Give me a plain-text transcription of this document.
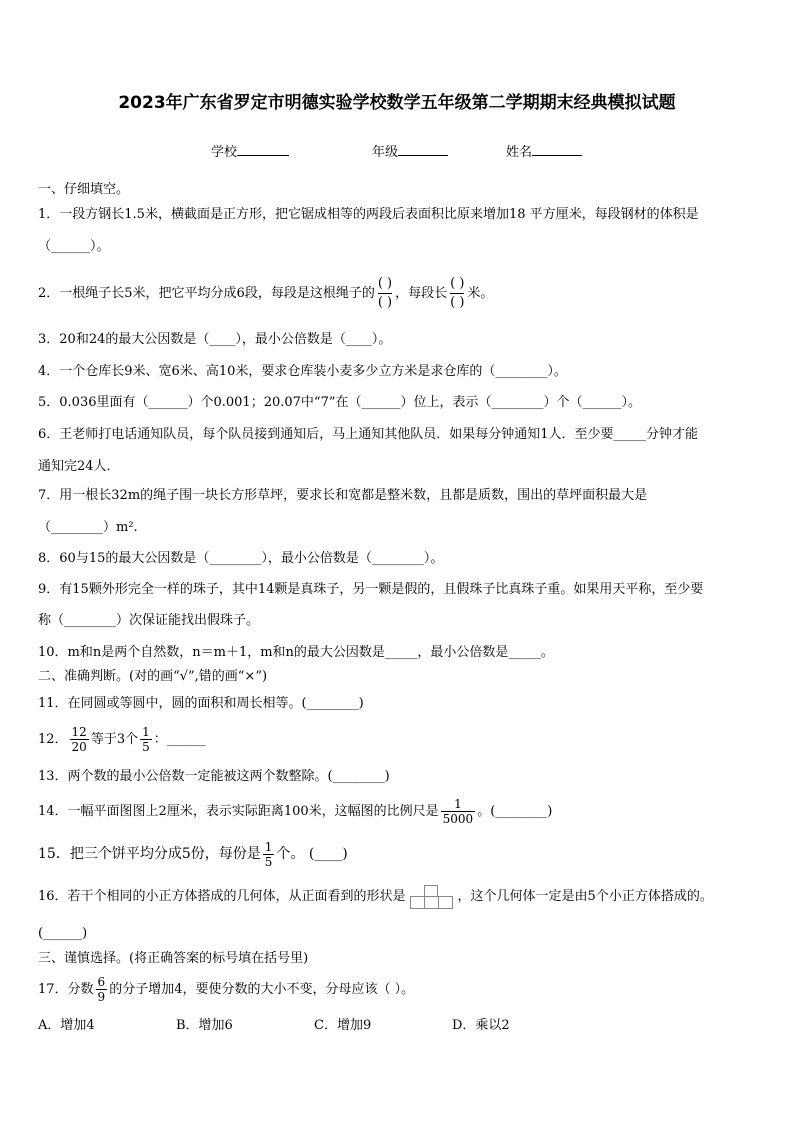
2023年广东省罗定市明德实验学校数学五年级第二学期期末经典模拟试题
学校	年级	姓名
一、仔细填空。
1．一段方钢长1.5米，横截面是正方形，把它锯成相等的两段后表面积比原来增加18 平方厘米，每段钢材的体积是
（______）。
2．一根绳子长5米，把它平均分成6段，每段是这根绳子的
( )
( )
，每段长
( )
( )
米。
3．20和24的最大公因数是（____），最小公倍数是（____）。
4．一个仓库长9米、宽6米、高10米，要求仓库装小麦多少立方米是求仓库的（________）。
5．0.036里面有（______）个0.001；20.07中“7”在（______）位上，表示（________）个（______）。
6．王老师打电话通知队员，每个队员接到通知后，马上通知其他队员．如果每分钟通知1人．至少要_____分钟才能
通知完24人．
7．用一根长32m的绳子围一块长方形草坪，要求长和宽都是整米数，且都是质数，围出的草坪面积最大是
（________）m².
8．60与15的最大公因数是（________），最小公倍数是（________）。
9．有15颗外形完全一样的珠子，其中14颗是真珠子，另一颗是假的，且假珠子比真珠子重。如果用天平称，至少要
称（________）次保证能找出假珠子。
10．m和n是两个自然数，n＝m＋1，m和n的最大公因数是_____，最小公倍数是_____。
二、准确判断。(对的画“√”,错的画“×”)
11．在同圆或等圆中，圆的面积和周长相等。(________)
12． $\frac{12}{20}$ 等于3个 $\frac{1}{5}$ ：______
13．两个数的最小公倍数一定能被这两个数整除。(________)
14．一幅平面图图上2厘米，表示实际距离100米，这幅图的比例尺是 $\frac{1}{5000}$ 。(________)
15．把三个饼平均分成5份，每份是 $\frac{1}{5}$ 个。 (____)
16．若干个相同的小正方体搭成的几何体，从正面看到的形状是	，这个几何体一定是由5个小正方体搭成的。
(______)
三、谨慎选择。(将正确答案的标号填在括号里)
17．分数 $\frac{6}{9}$ 的分子增加4，要使分数的大小不变，分母应该（ ）。
A．增加4	B．增加6	C．增加9	D．乘以2
